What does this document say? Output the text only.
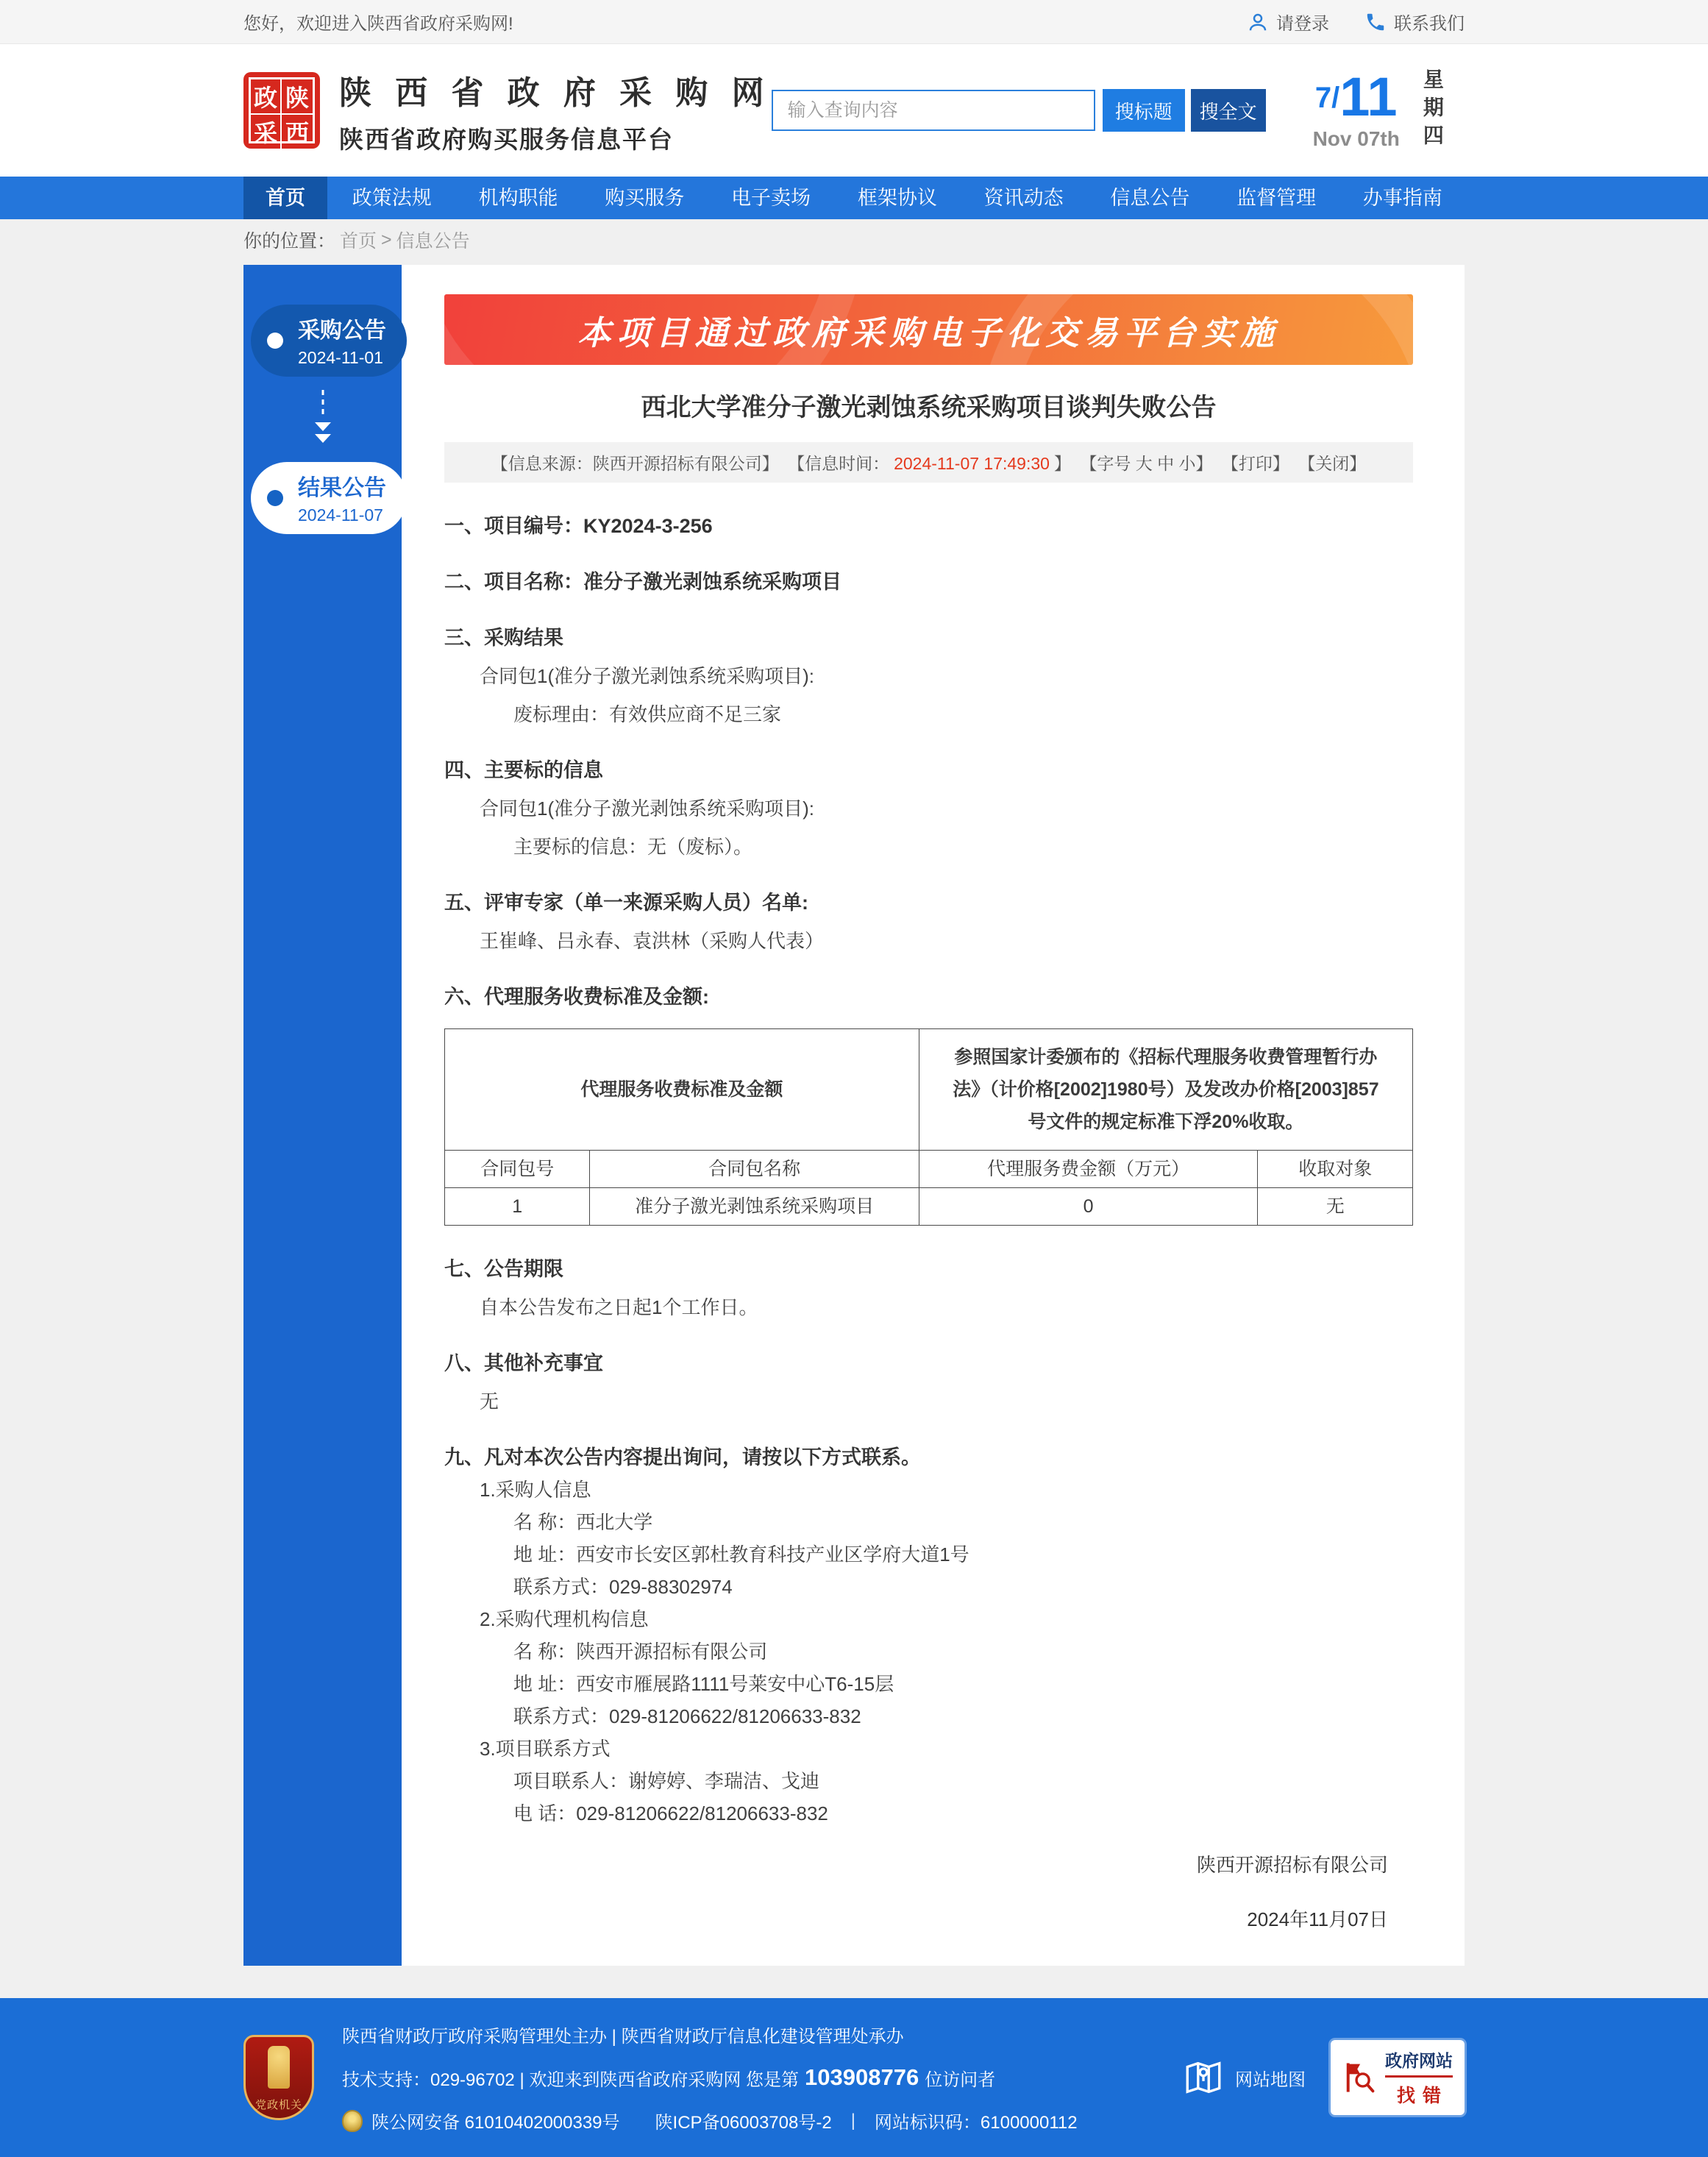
您好，欢迎进入陕西省政府采购网!	请登录	联系我们
政 陕
采 西
陕 西 省 政 府 采 购 网
陕西省政府购买服务信息平台
输入查询内容
搜标题	搜全文	7/ 11
Nov 07th 星期四
首页	政策法规	机构职能	购买服务	电子卖场	框架协议	资讯动态	信息公告	监督管理	办事指南
你的位置： 首页 > 信息公告
采购公告
2024-11-01
结果公告
2024-11-07
本项目通过政府采购电子化交易平台实施
西北大学准分子激光剥蚀系统采购项目谈判失败公告
【信息来源：陕西开源招标有限公司】 【信息时间： 2024-11-07 17:49:30 】 【字号 大 中 小】 【打印】 【关闭】
一、项目编号：KY2024-3-256
二、项目名称：准分子激光剥蚀系统采购项目
三、采购结果
合同包1(准分子激光剥蚀系统采购项目):
废标理由：有效供应商不足三家
四、主要标的信息
合同包1(准分子激光剥蚀系统采购项目):
主要标的信息：无（废标）。
五、评审专家（单一来源采购人员）名单:
王崔峰、吕永春、袁洪林（采购人代表）
六、代理服务收费标准及金额:
代理服务收费标准及金额		参照国家计委颁布的《招标代理服务收费管理暂行办法》（计价格[2002]1980号）及发改办价格[2003]857号文件的规定标准下浮20%收取。	
合同包号	合同包名称	代理服务费金额（万元）	收取对象
1	准分子激光剥蚀系统采购项目	0	无
七、公告期限
自本公告发布之日起1个工作日。
八、其他补充事宜
无
九、凡对本次公告内容提出询问，请按以下方式联系。
1.采购人信息
名 称：西北大学
地 址：西安市长安区郭杜教育科技产业区学府大道1号
联系方式：029-88302974
2.采购代理机构信息
名 称：陕西开源招标有限公司
地 址：西安市雁展路1111号莱安中心T6-15层
联系方式：029-81206622/81206633-832
3.项目联系方式
项目联系人：谢婷婷、李瑞洁、戈迪
电 话：029-81206622/81206633-832
陕西开源招标有限公司
2024年11月07日
党政机关
陕西省财政厅政府采购管理处主办 | 陕西省财政厅信息化建设管理处承办
技术支持：029-96702 | 欢迎来到陕西省政府采购网 您是第 103908776 位访问者
陕公网安备 61010402000339号 陕ICP备06003708号-2 | 网站标识码：6100000112
网站地图
政府网站
找错
